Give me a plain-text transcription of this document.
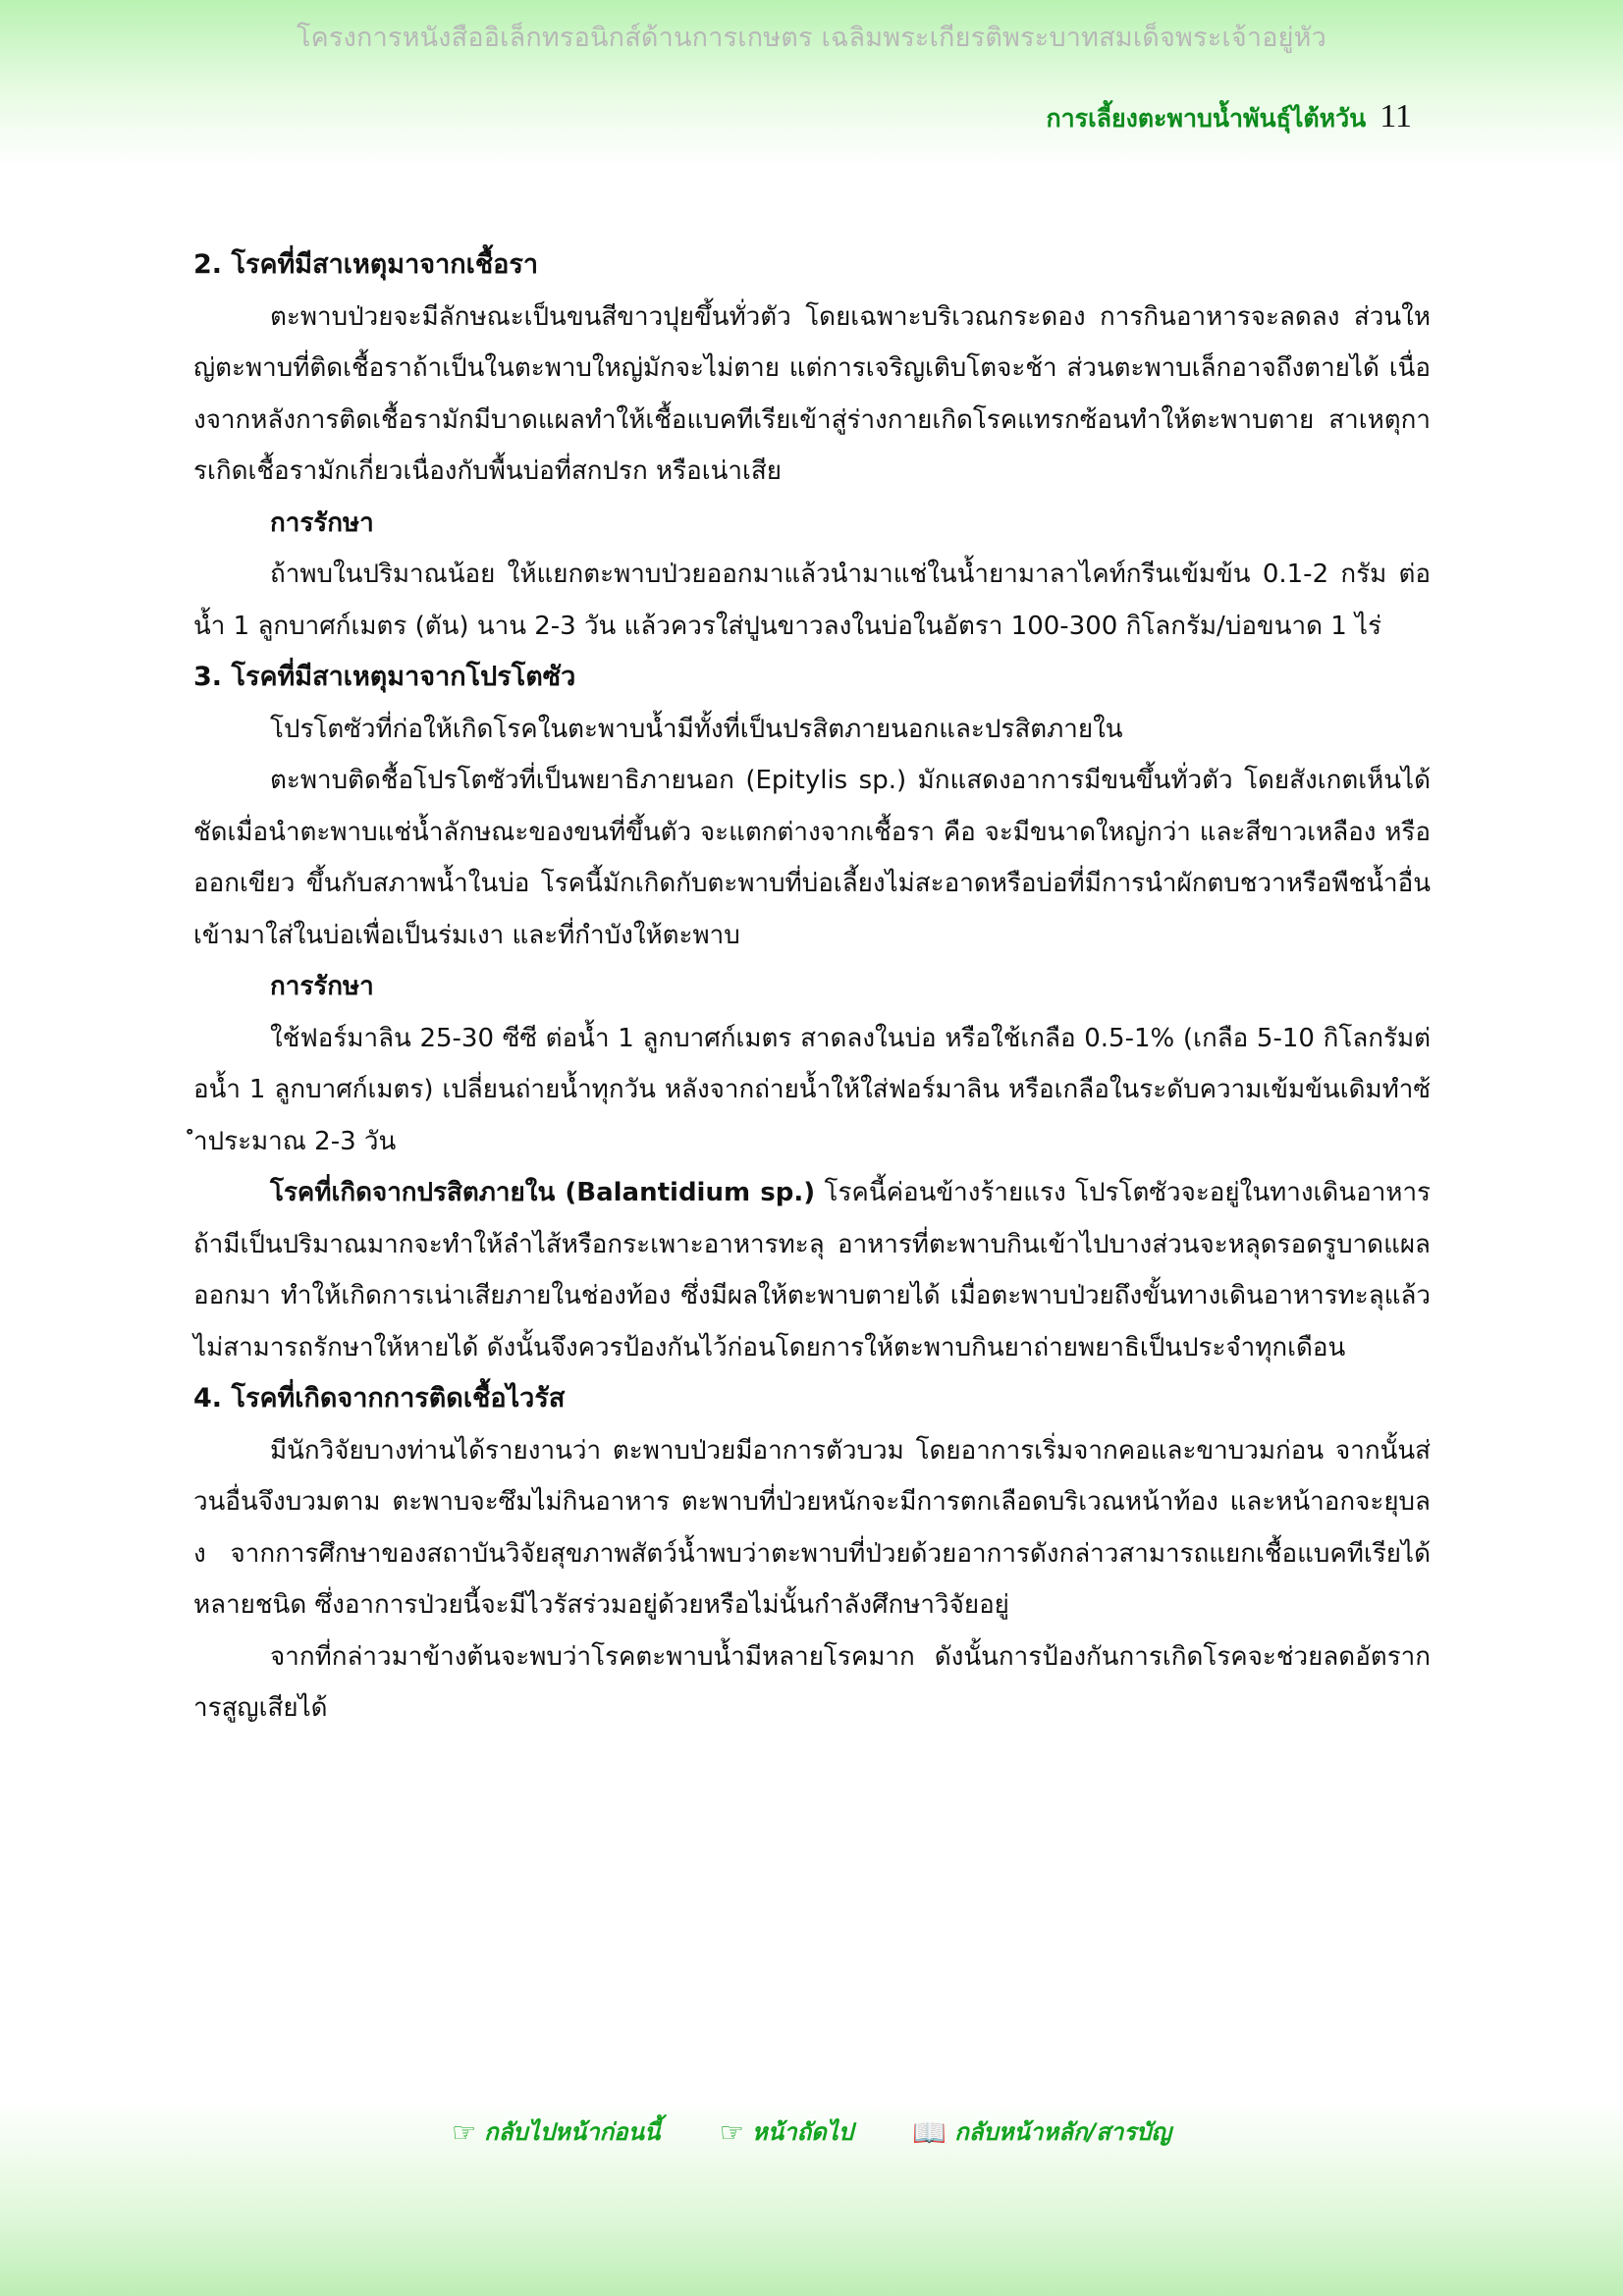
โครงการหนังสืออิเล็กทรอนิกส์ด้านการเกษตร เฉลิมพระเกียรติพระบาทสมเด็จพระเจ้าอยู่หัว
การเลี้ยงตะพาบน้ำพันธุ์ไต้หวัน 11
2. โรคที่มีสาเหตุมาจากเชื้อรา

ตะพาบป่วยจะมีลักษณะเป็นขนสีขาวปุยขึ้นทั่วตัว โดยเฉพาะบริเวณกระดอง การกินอาหารจะลดลง ส่วนใหญ่ตะพาบที่ติดเชื้อราถ้าเป็นในตะพาบใหญ่มักจะไม่ตาย แต่การเจริญเติบโตจะช้า ส่วนตะพาบเล็กอาจถึงตายได้ เนื่องจากหลังการติดเชื้อรามักมีบาดแผลทำให้เชื้อแบคทีเรียเข้าสู่ร่างกายเกิดโรคแทรกซ้อนทำให้ตะพาบตาย สาเหตุการเกิดเชื้อรามักเกี่ยวเนื่องกับพื้นบ่อที่สกปรก หรือเน่าเสีย

การรักษา

ถ้าพบในปริมาณน้อย ให้แยกตะพาบป่วยออกมาแล้วนำมาแช่ในน้ำยามาลาไคท์กรีนเข้มข้น 0.1-2 กรัม ต่อน้ำ 1 ลูกบาศก์เมตร (ตัน) นาน 2-3 วัน แล้วควรใส่ปูนขาวลงในบ่อในอัตรา 100-300 กิโลกรัม/บ่อขนาด 1 ไร่

3. โรคที่มีสาเหตุมาจากโปรโตซัว

โปรโตซัวที่ก่อให้เกิดโรคในตะพาบน้ำมีทั้งที่เป็นปรสิตภายนอกและปรสิตภายใน

ตะพาบติดชื้อโปรโตซัวที่เป็นพยาธิภายนอก (Epitylis sp.) มักแสดงอาการมีขนขึ้นทั่วตัว โดยสังเกตเห็นได้ชัดเมื่อนำตะพาบแช่น้ำลักษณะของขนที่ขึ้นตัว จะแตกต่างจากเชื้อรา คือ จะมีขนาดใหญ่กว่า และสีขาวเหลือง หรือออกเขียว ขึ้นกับสภาพน้ำในบ่อ โรคนี้มักเกิดกับตะพาบที่บ่อเลี้ยงไม่สะอาดหรือบ่อที่มีการนำผักตบชวาหรือพืชน้ำอื่นเข้ามาใส่ในบ่อเพื่อเป็นร่มเงา และที่กำบังให้ตะพาบ

การรักษา

ใช้ฟอร์มาลิน 25-30 ซีซี ต่อน้ำ 1 ลูกบาศก์เมตร สาดลงในบ่อ หรือใช้เกลือ 0.5-1% (เกลือ 5-10 กิโลกรัมต่อน้ำ 1 ลูกบาศก์เมตร) เปลี่ยนถ่ายน้ำทุกวัน หลังจากถ่ายน้ำให้ใส่ฟอร์มาลิน หรือเกลือในระดับความเข้มข้นเดิมทำซ้ำประมาณ 2-3 วัน

โรคที่เกิดจากปรสิตภายใน (Balantidium sp.) โรคนี้ค่อนข้างร้ายแรง โปรโตซัวจะอยู่ในทางเดินอาหาร ถ้ามีเป็นปริมาณมากจะทำให้ลำไส้หรือกระเพาะอาหารทะลุ อาหารที่ตะพาบกินเข้าไปบางส่วนจะหลุดรอดรูบาดแผลออกมา ทำให้เกิดการเน่าเสียภายในช่องท้อง ซึ่งมีผลให้ตะพาบตายได้ เมื่อตะพาบป่วยถึงขั้นทางเดินอาหารทะลุแล้วไม่สามารถรักษาให้หายได้ ดังนั้นจึงควรป้องกันไว้ก่อนโดยการให้ตะพาบกินยาถ่ายพยาธิเป็นประจำทุกเดือน

4. โรคที่เกิดจากการติดเชื้อไวรัส

มีนักวิจัยบางท่านได้รายงานว่า ตะพาบป่วยมีอาการตัวบวม โดยอาการเริ่มจากคอและขาบวมก่อน จากนั้นส่วนอื่นจึงบวมตาม ตะพาบจะซึมไม่กินอาหาร ตะพาบที่ป่วยหนักจะมีการตกเลือดบริเวณหน้าท้อง และหน้าอกจะยุบลง จากการศึกษาของสถาบันวิจัยสุขภาพสัตว์น้ำพบว่าตะพาบที่ป่วยด้วยอาการดังกล่าวสามารถแยกเชื้อแบคทีเรียได้หลายชนิด ซึ่งอาการป่วยนี้จะมีไวรัสร่วมอยู่ด้วยหรือไม่นั้นกำลังศึกษาวิจัยอยู่

จากที่กล่าวมาข้างต้นจะพบว่าโรคตะพาบน้ำมีหลายโรคมาก ดังนั้นการป้องกันการเกิดโรคจะช่วยลดอัตราการสูญเสียได้

☞ กลับไปหน้าก่อนนี้ ☞ หน้าถัดไป 📖 กลับหน้าหลัก/สารบัญ
